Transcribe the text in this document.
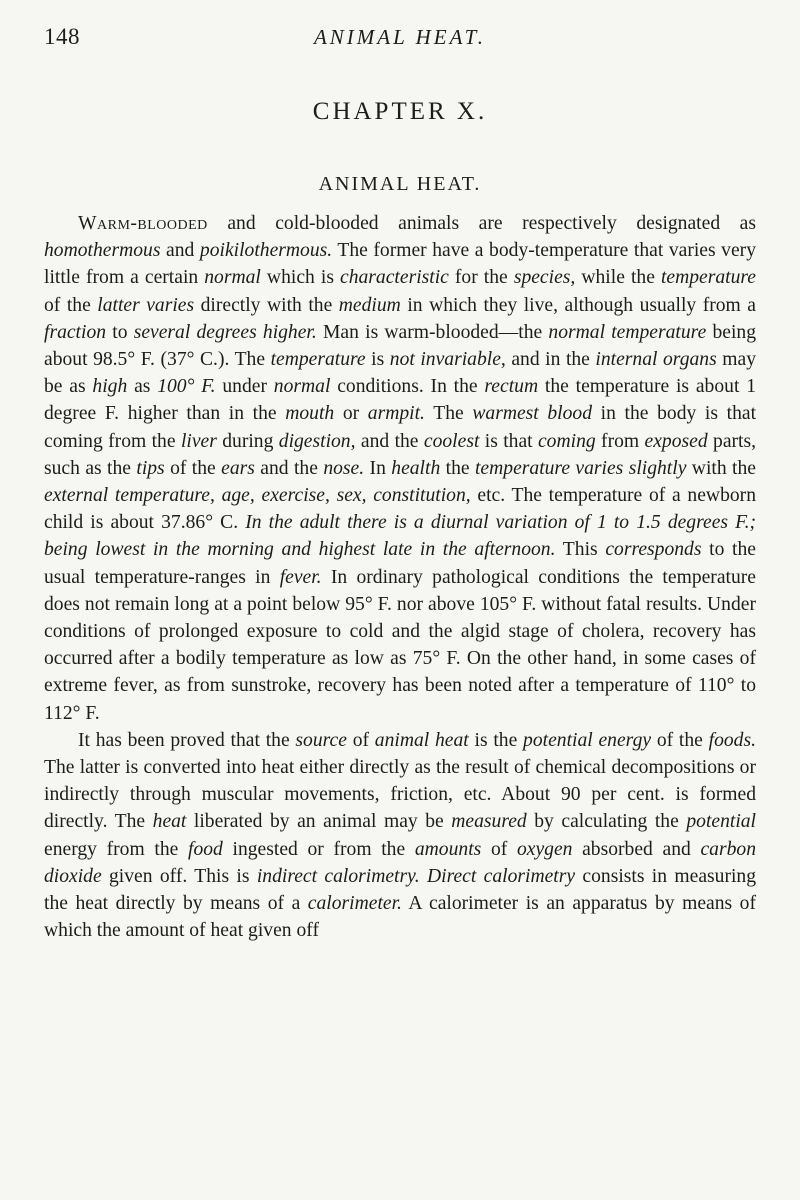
148	ANIMAL HEAT.
CHAPTER X.
ANIMAL HEAT.

Warm-blooded and cold-blooded animals are respectively designated as homothermous and poikilothermous. The former have a body-temperature that varies very little from a certain normal which is characteristic for the species, while the temperature of the latter varies directly with the medium in which they live, although usually from a fraction to several degrees higher. Man is warm-blooded—the normal temperature being about 98.5° F. (37° C.). The temperature is not invariable, and in the internal organs may be as high as 100° F. under normal conditions. In the rectum the temperature is about 1 degree F. higher than in the mouth or armpit. The warmest blood in the body is that coming from the liver during digestion, and the coolest is that coming from exposed parts, such as the tips of the ears and the nose. In health the temperature varies slightly with the external temperature, age, exercise, sex, constitution, etc. The temperature of a newborn child is about 37.86° C. In the adult there is a diurnal variation of 1 to 1.5 degrees F.; being lowest in the morning and highest late in the afternoon. This corresponds to the usual temperature-ranges in fever. In ordinary pathological conditions the temperature does not remain long at a point below 95° F. nor above 105° F. without fatal results. Under conditions of prolonged exposure to cold and the algid stage of cholera, recovery has occurred after a bodily temperature as low as 75° F. On the other hand, in some cases of extreme fever, as from sunstroke, recovery has been noted after a temperature of 110° to 112° F.

It has been proved that the source of animal heat is the potential energy of the foods. The latter is converted into heat either directly as the result of chemical decompositions or indirectly through muscular movements, friction, etc. About 90 per cent. is formed directly. The heat liberated by an animal may be measured by calculating the potential energy from the food ingested or from the amounts of oxygen absorbed and carbon dioxide given off. This is indirect calorimetry. Direct calorimetry consists in measuring the heat directly by means of a calorimeter. A calorimeter is an apparatus by means of which the amount of heat given off
